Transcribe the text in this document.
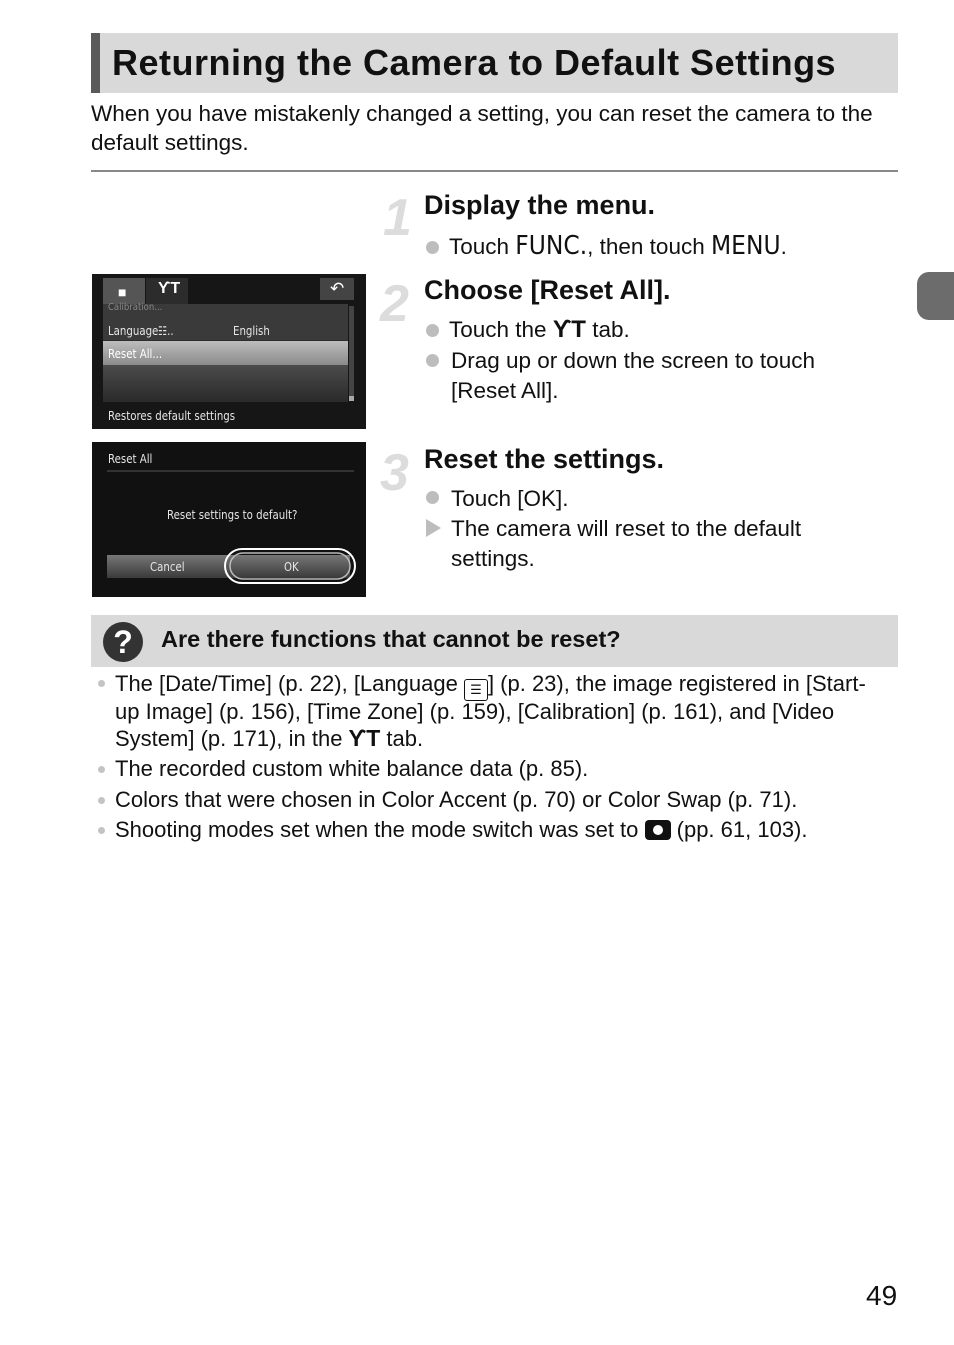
Returning the Camera to Default Settings

When you have mistakenly changed a setting, you can reset the camera to the default settings.

1 Display the menu.
Touch FUNC., then touch MENU.
■ ϒT	↶
Calibration...
Language ☷..	English
Reset All...
Restores default settings
2 Choose [Reset All].
Touch the ϒT tab.
Drag up or down the screen to touch [Reset All].
Reset All
Reset settings to default?
Cancel	OK
3 Reset the settings.
Touch [OK].
The camera will reset to the default settings.
?	Are there functions that cannot be reset?
The [Date/Time] (p. 22), [Language ☰ ] (p. 23), the image registered in [Start-
up Image] (p. 156), [Time Zone] (p. 159), [Calibration] (p. 161), and [Video
System] (p. 171), in the ϒT tab.
The recorded custom white balance data (p. 85).
Colors that were chosen in Color Accent (p. 70) or Color Swap (p. 71).
Shooting modes set when the mode switch was set to
(pp. 61, 103).
49
